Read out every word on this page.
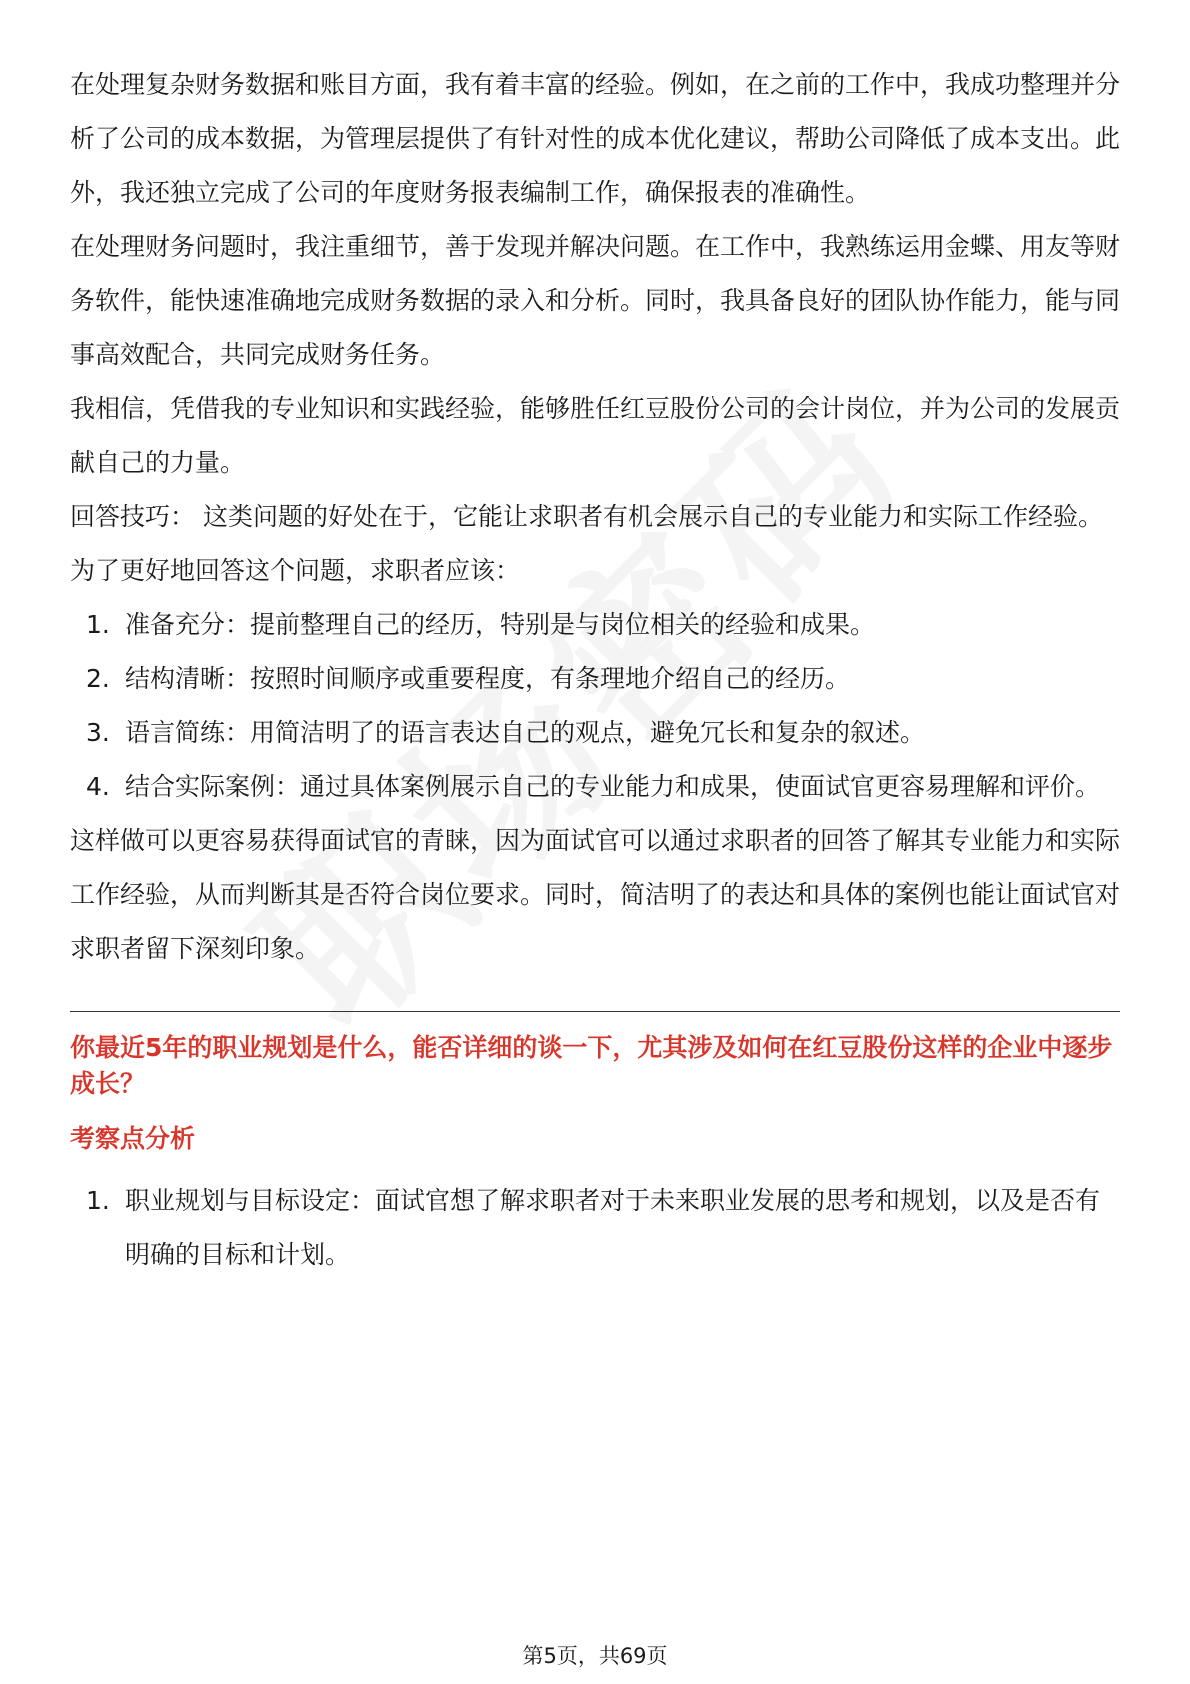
在处理复杂财务数据和账目方面，我有着丰富的经验。例如，在之前的工作中，我成功整理并分析了公司的成本数据，为管理层提供了有针对性的成本优化建议，帮助公司降低了成本支出。此外，我还独立完成了公司的年度财务报表编制工作，确保报表的准确性。

在处理财务问题时，我注重细节，善于发现并解决问题。在工作中，我熟练运用金蝶、用友等财务软件，能快速准确地完成财务数据的录入和分析。同时，我具备良好的团队协作能力，能与同事高效配合，共同完成财务任务。

我相信，凭借我的专业知识和实践经验，能够胜任红豆股份公司的会计岗位，并为公司的发展贡献自己的力量。

回答技巧： 这类问题的好处在于，它能让求职者有机会展示自己的专业能力和实际工作经验。为了更好地回答这个问题，求职者应该：

1. 准备充分：提前整理自己的经历，特别是与岗位相关的经验和成果。
2. 结构清晰：按照时间顺序或重要程度，有条理地介绍自己的经历。
3. 语言简练：用简洁明了的语言表达自己的观点，避免冗长和复杂的叙述。
4. 结合实际案例：通过具体案例展示自己的专业能力和成果，使面试官更容易理解和评价。

这样做可以更容易获得面试官的青睐，因为面试官可以通过求职者的回答了解其专业能力和实际工作经验，从而判断其是否符合岗位要求。同时，简洁明了的表达和具体的案例也能让面试官对求职者留下深刻印象。

你最近5年的职业规划是什么，能否详细的谈一下，尤其涉及如何在红豆股份这样的企业中逐步成长？

考察点分析

1. 职业规划与目标设定：面试官想了解求职者对于未来职业发展的思考和规划，以及是否有明确的目标和计划。
第5页，共69页
